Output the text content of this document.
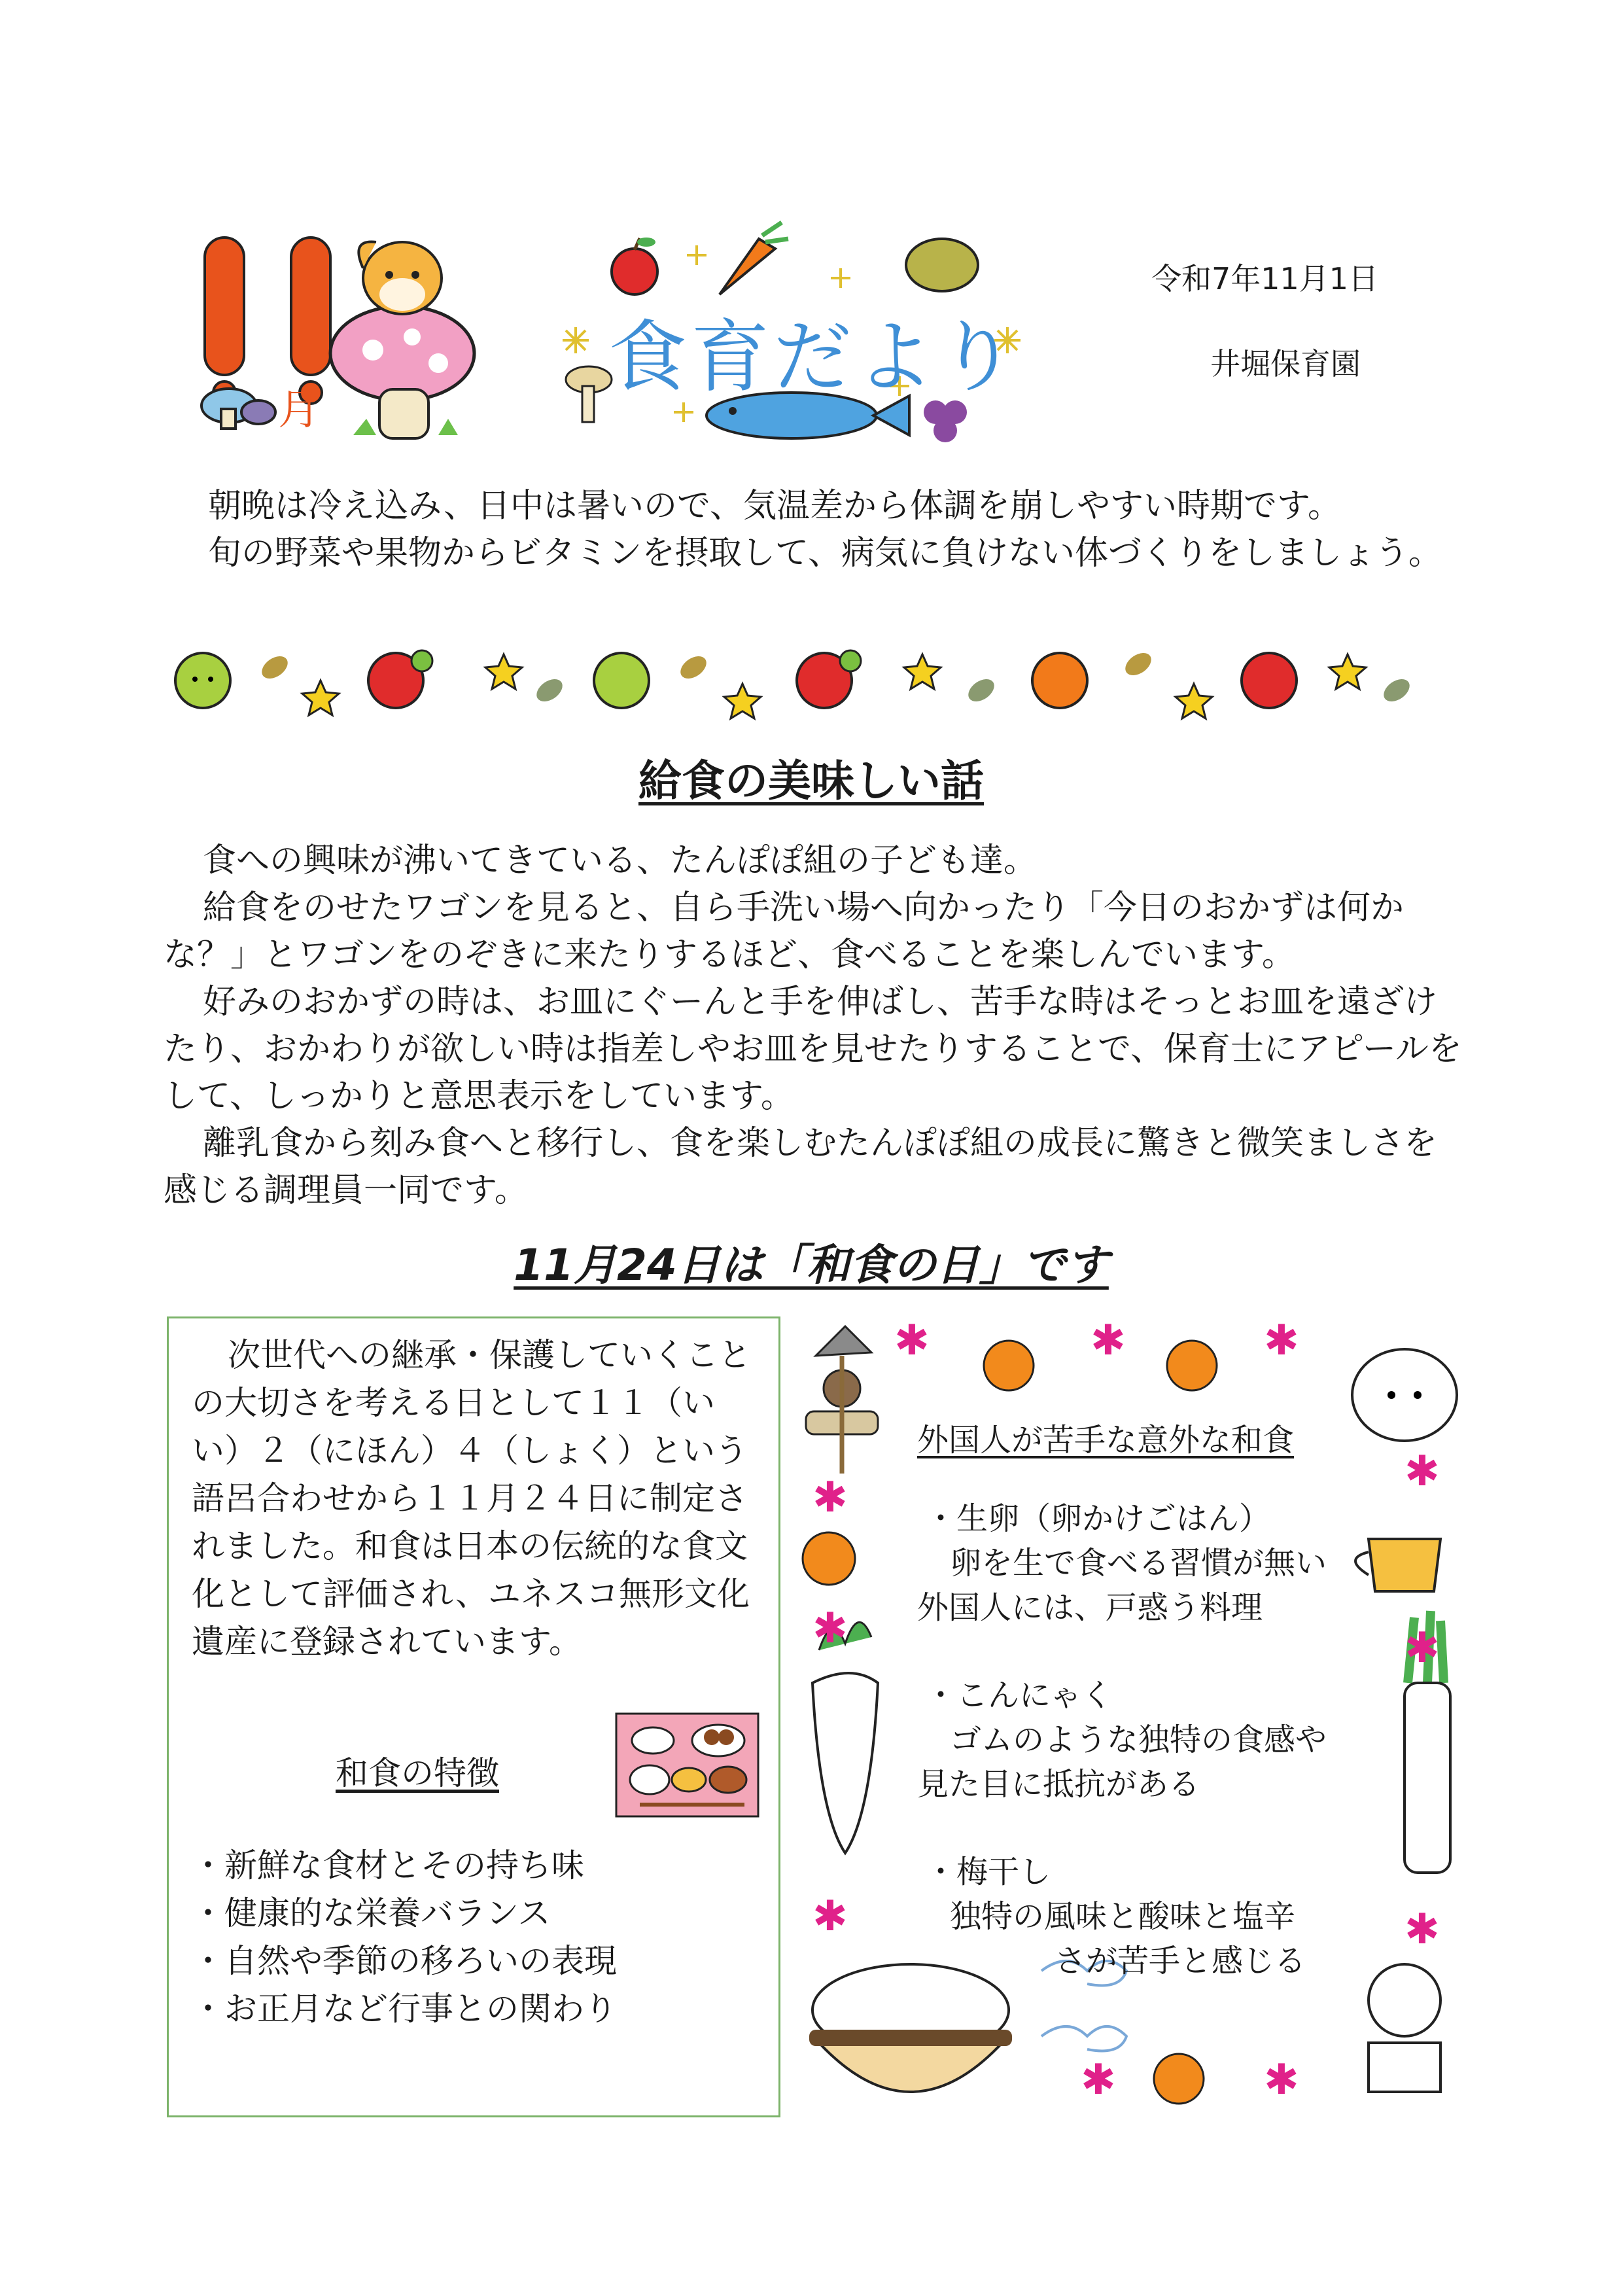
月
食育だより
令和7年11月1日
井堀保育園

朝晩は冷え込み、日中は暑いので、気温差から体調を崩しやすい時期です。

旬の野菜や果物からビタミンを摂取して、病気に負けない体づくりをしましょう。

給食の美味しい話

食への興味が沸いてきている、たんぽぽ組の子ども達。

給食をのせたワゴンを見ると、自ら手洗い場へ向かったり「今日のおかずは何かな？」とワゴンをのぞきに来たりするほど、食べることを楽しんでいます。

好みのおかずの時は、お皿にぐーんと手を伸ばし、苦手な時はそっとお皿を遠ざけたり、おかわりが欲しい時は指差しやお皿を見せたりすることで、保育士にアピールをして、しっかりと意思表示をしています。

離乳食から刻み食へと移行し、食を楽しむたんぽぽ組の成長に驚きと微笑ましさを感じる調理員一同です。

11月24日は「和食の日」です

次世代への継承・保護していくことの大切さを考える日として１１（いい）２（にほん）４（しょく）という語呂合わせから１１月２４日に制定されました。和食は日本の伝統的な食文化として評価され、ユネスコ無形文化遺産に登録されています。

和食の特徴
・新鮮な食材とその持ち味
・健康的な栄養バランス
・自然や季節の移ろいの表現
・お正月など行事との関わり
✱	✱	✱
✱
✱
✱	✱
✱	✱
✱	✱
外国人が苦手な意外な和食
・生卵（卵かけごはん）
卵を生で食べる習慣が無い
外国人には、戸惑う料理
・こんにゃく
ゴムのような独特の食感や
見た目に抵抗がある
・梅干し
独特の風味と酸味と塩辛
さが苦手と感じる
